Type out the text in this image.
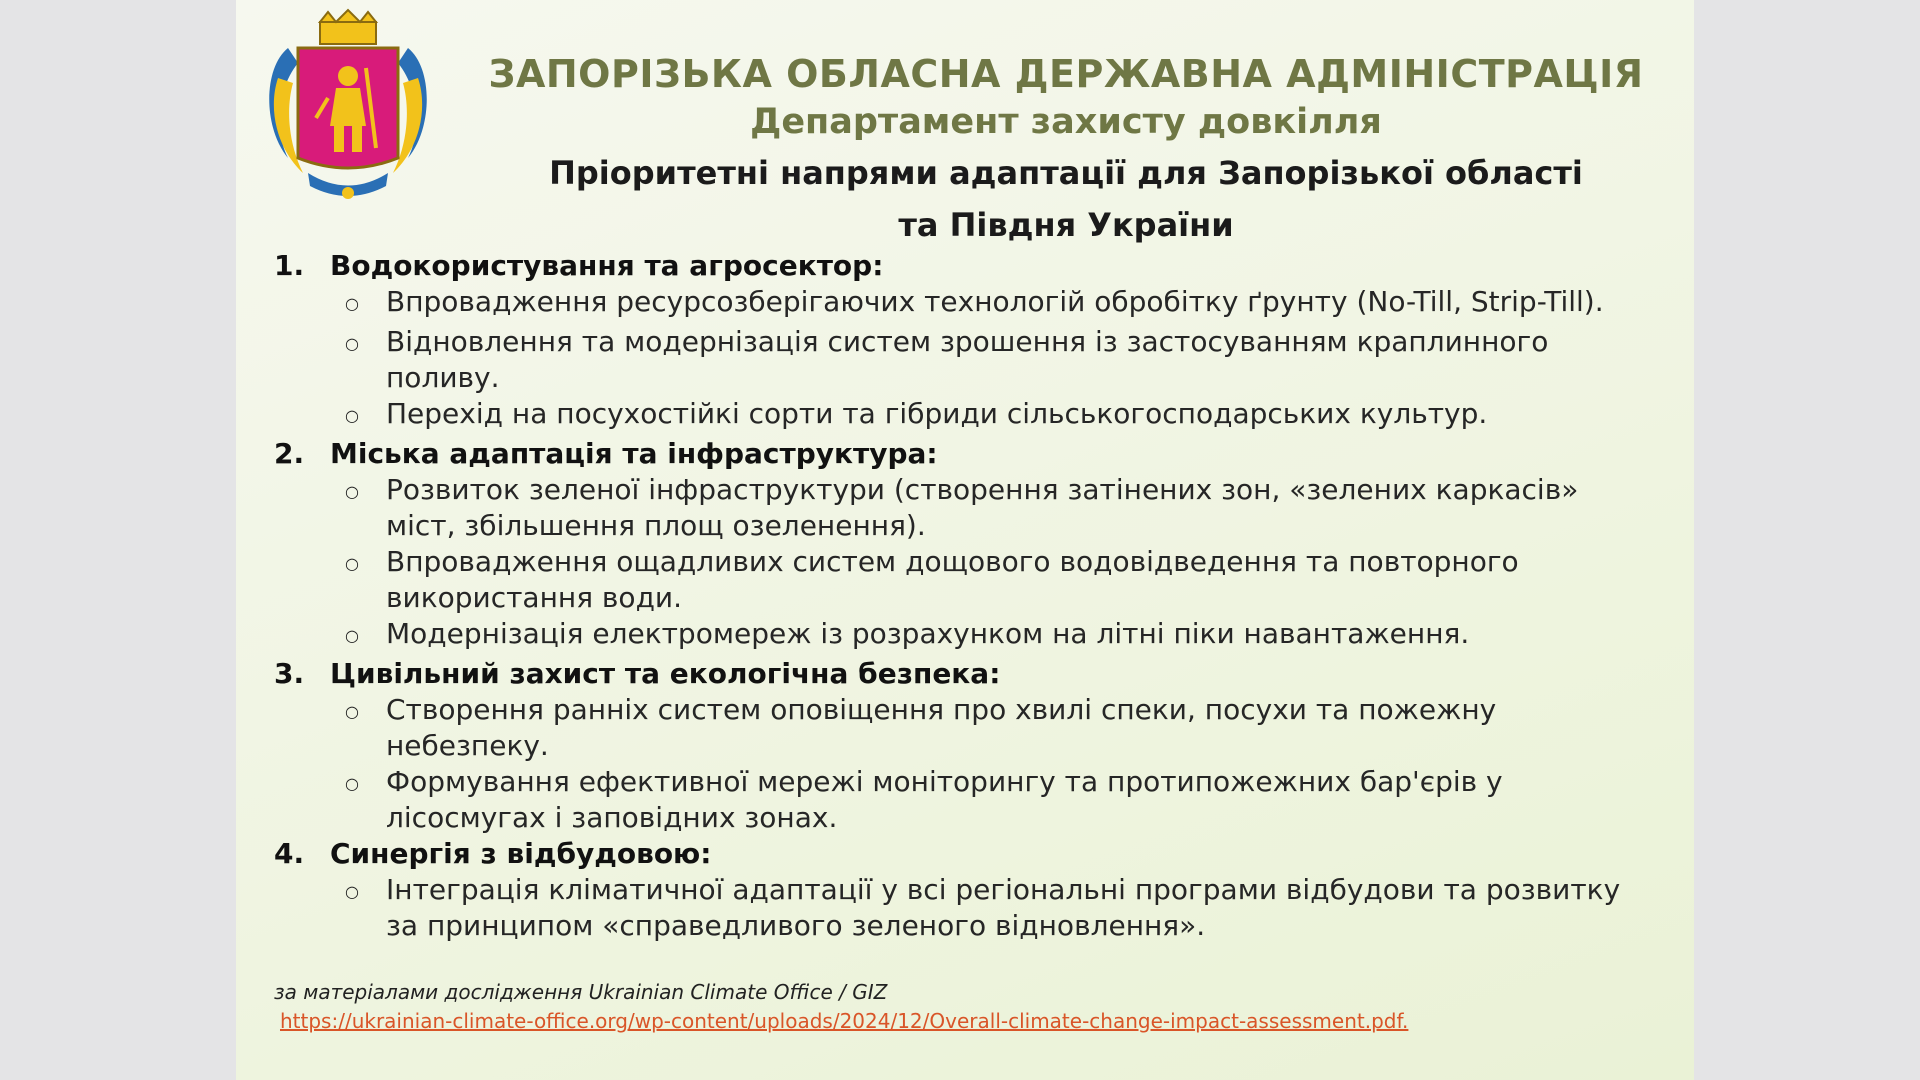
ЗАПОРІЗЬКА ОБЛАСНА ДЕРЖАВНА АДМІНІСТРАЦІЯ
Департамент захисту довкілля
Пріоритетні напрями адаптації для Запорізької області
та Півдня України
1. Водокористування та агросектор:
○ Впровадження ресурсозберігаючих технологій обробітку ґрунту (No-Till, Strip-Till).
○ Відновлення та модернізація систем зрошення із застосуванням краплинного поливу.
○ Перехід на посухостійкі сорти та гібриди сільськогосподарських культур.
2. Міська адаптація та інфраструктура:
○ Розвиток зеленої інфраструктури (створення затінених зон, «зелених каркасів» міст, збільшення площ озеленення).
○ Впровадження ощадливих систем дощового водовідведення та повторного використання води.
○ Модернізація електромереж із розрахунком на літні піки навантаження.
3. Цивільний захист та екологічна безпека:
○ Створення ранніх систем оповіщення про хвилі спеки, посухи та пожежну небезпеку.
○ Формування ефективної мережі моніторингу та протипожежних бар'єрів у лісосмугах і заповідних зонах.
4. Синергія з відбудовою:
○ Інтеграція кліматичної адаптації у всі регіональні програми відбудови та розвитку за принципом «справедливого зеленого відновлення».
за матеріалами дослідження Ukrainian Climate Office / GIZ
https://ukrainian-climate-office.org/wp-content/uploads/2024/12/Overall-climate-change-impact-assessment.pdf.
